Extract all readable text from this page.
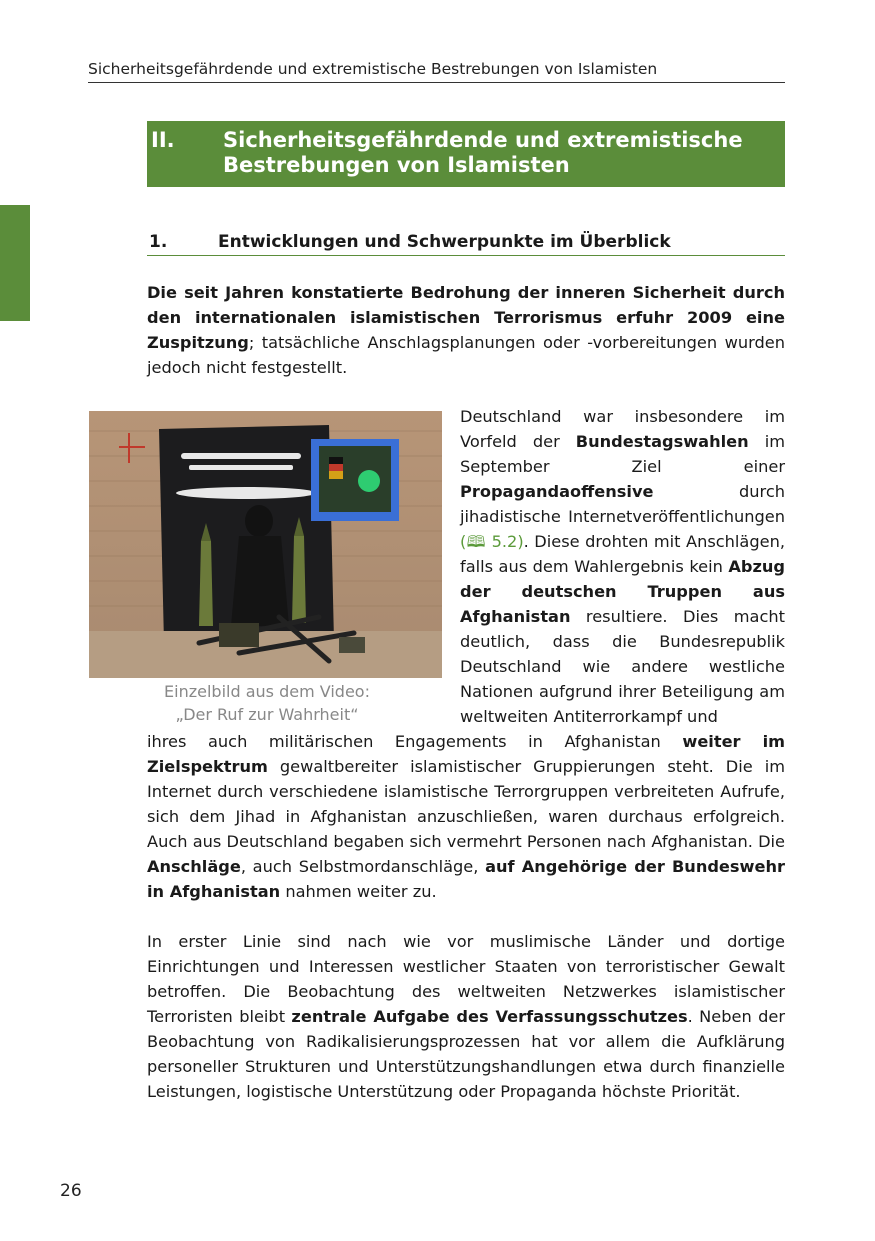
Sicherheitsgefährdende und extremistische Bestrebungen von Islamisten
II. Sicherheitsgefährdende und extremistische
Bestrebungen von Islamisten
1.	Entwicklungen und Schwerpunkte im Überblick

Die seit Jahren konstatierte Bedrohung der inneren Sicherheit durch den internationalen islamistischen Terrorismus erfuhr 2009 eine Zuspitzung; tatsächliche Anschlagsplanungen oder -vorbereitungen wurden jedoch nicht festgestellt.

Einzelbild aus dem Video:
„Der Ruf zur Wahrheit“

Deutschland war insbesondere im Vorfeld der Bundestagswahlen im September Ziel einer Propagandaoffensive durch jihadistische Internetveröffentlichungen (🕮 5.2). Diese drohten mit Anschlägen, falls aus dem Wahlergebnis kein Abzug der deutschen Truppen aus Afghanistan resultiere. Dies macht deutlich, dass die Bundesrepublik Deutschland wie andere westliche Nationen aufgrund ihrer Beteiligung am weltweiten Antiterrorkampf und

ihres auch militärischen Engagements in Afghanistan weiter im Zielspektrum gewaltbereiter islamistischer Gruppierungen steht. Die im Internet durch verschiedene islamistische Terrorgruppen verbreiteten Aufrufe, sich dem Jihad in Afghanistan anzuschließen, waren durchaus erfolgreich. Auch aus Deutschland begaben sich vermehrt Personen nach Afghanistan. Die Anschläge, auch Selbstmordanschläge, auf Angehörige der Bundeswehr in Afghanistan nahmen weiter zu.

In erster Linie sind nach wie vor muslimische Länder und dortige Einrichtungen und Interessen westlicher Staaten von terroristischer Gewalt betroffen. Die Beobachtung des weltweiten Netzwerkes islamistischer Terroristen bleibt zentrale Aufgabe des Verfassungsschutzes. Neben der Beobachtung von Radikalisierungsprozessen hat vor allem die Aufklärung personeller Strukturen und Unterstützungshandlungen etwa durch finanzielle Leistungen, logistische Unterstützung oder Propaganda höchste Priorität.

26
